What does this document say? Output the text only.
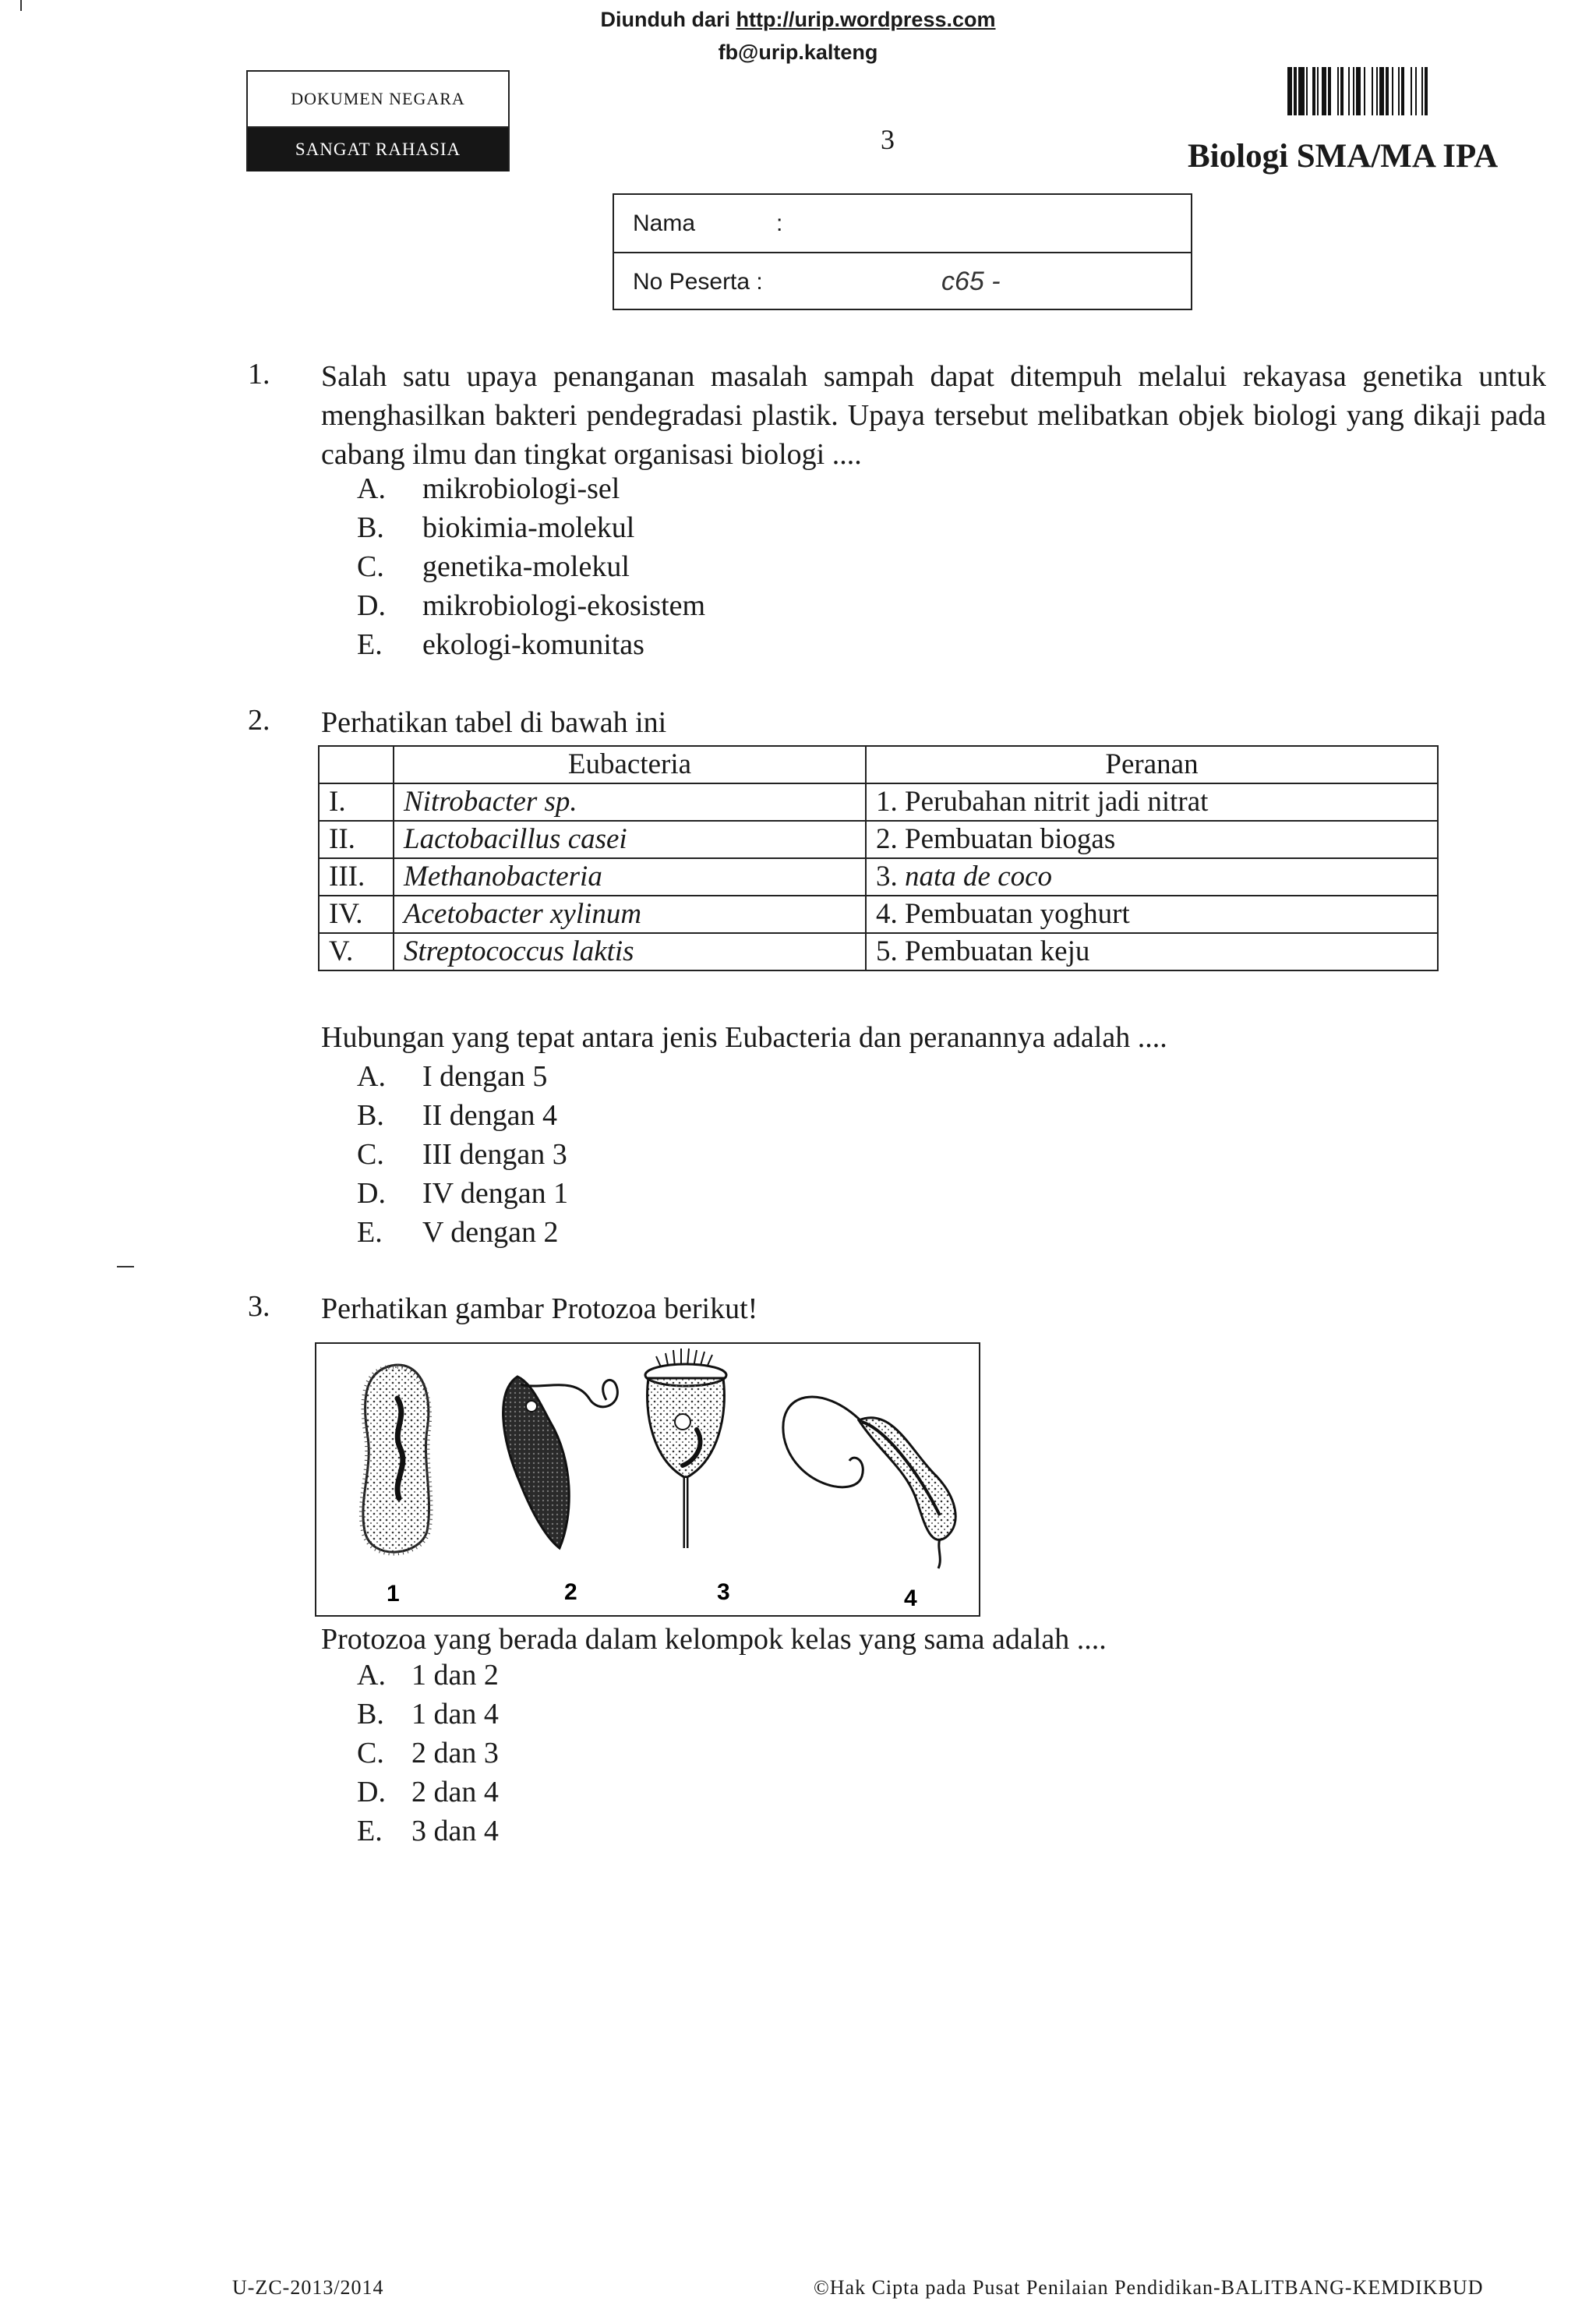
Diunduh dari http://urip.wordpress.com
fb@urip.kalteng
DOKUMEN NEGARA
SANGAT RAHASIA	3	Biologi SMA/MA IPA
Nama	:
No Peserta :	c65 -
1. Salah satu upaya penanganan masalah sampah dapat ditempuh melalui rekayasa genetika untuk menghasilkan bakteri pendegradasi plastik. Upaya tersebut melibatkan objek biologi yang dikaji pada cabang ilmu dan tingkat organisasi biologi ....
A.	mikrobiologi-sel
B.	biokimia-molekul
C.	genetika-molekul
D.	mikrobiologi-ekosistem
E.	ekologi-komunitas
2. Perhatikan tabel di bawah ini
	Eubacteria	Peranan
I.	Nitrobacter sp.	1. Perubahan nitrit jadi nitrat
II.	Lactobacillus casei	2. Pembuatan biogas
III.	Methanobacteria	3. nata de coco
IV.	Acetobacter xylinum	4. Pembuatan yoghurt
V.	Streptococcus laktis	5. Pembuatan keju
Hubungan yang tepat antara jenis Eubacteria dan peranannya adalah ....
A.	I dengan 5
B.	II dengan 4
C.	III dengan 3
D.	IV dengan 1
E.	V dengan 2
3. Perhatikan gambar Protozoa berikut!
1	2	3	4
Protozoa yang berada dalam kelompok kelas yang sama adalah ....
A. 1 dan 2
B. 1 dan 4
C. 2 dan 3
D. 2 dan 4
E. 3 dan 4
U-ZC-2013/2014	©Hak Cipta pada Pusat Penilaian Pendidikan-BALITBANG-KEMDIKBUD
